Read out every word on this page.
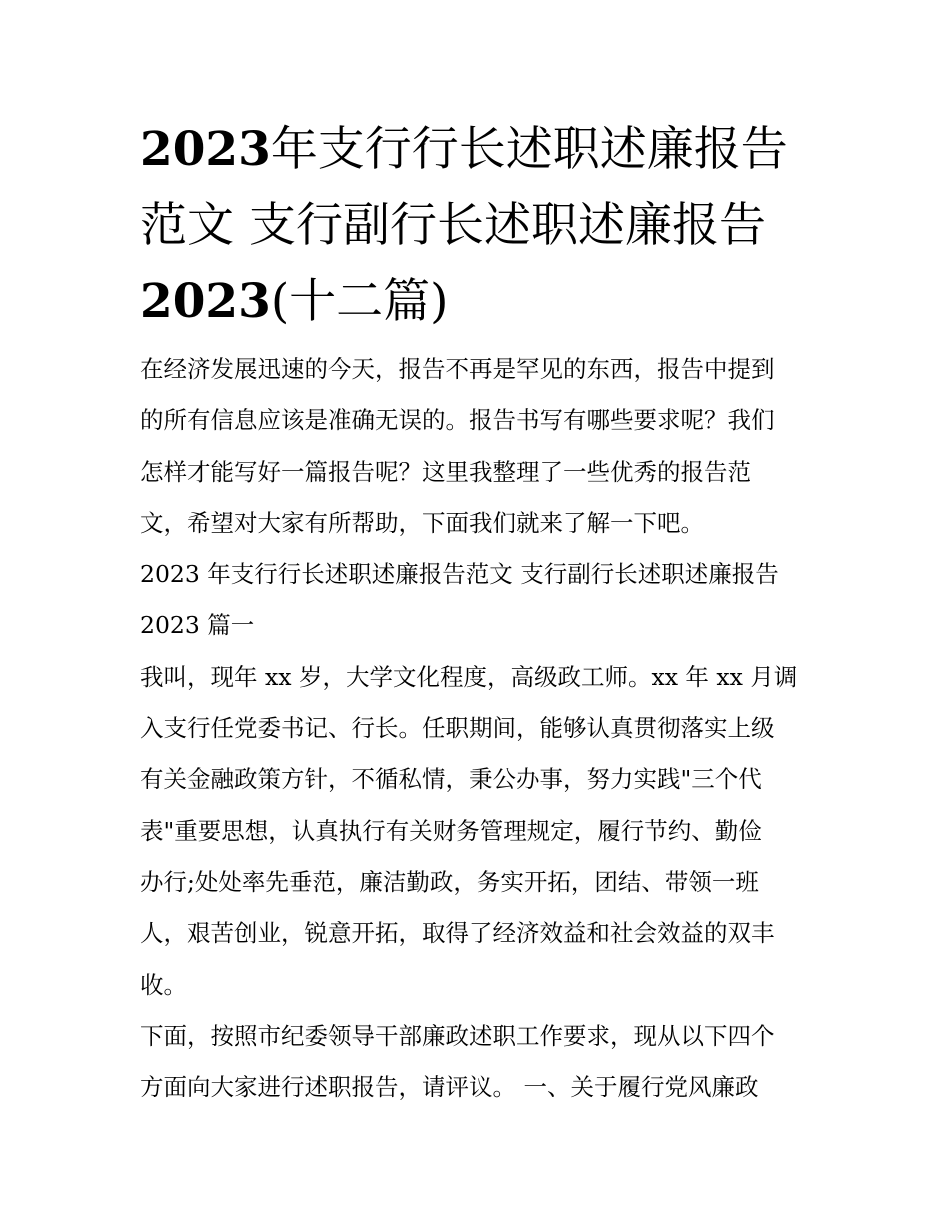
2023年支行行长述职述廉报告
范文 支行副行长述职述廉报告
2023(十二篇)
在经济发展迅速的今天，报告不再是罕见的东西，报告中提到
的所有信息应该是准确无误的。报告书写有哪些要求呢？我们
怎样才能写好一篇报告呢？这里我整理了一些优秀的报告范
文，希望对大家有所帮助，下面我们就来了解一下吧。
2023 年支行行长述职述廉报告范文 支行副行长述职述廉报告
2023 篇一
我叫，现年 xx 岁，大学文化程度，高级政工师。xx 年 xx 月调
入支行任党委书记、行长。任职期间，能够认真贯彻落实上级
有关金融政策方针，不循私情，秉公办事，努力实践"三个代
表"重要思想，认真执行有关财务管理规定，履行节约、勤俭
办行;处处率先垂范，廉洁勤政，务实开拓，团结、带领一班
人，艰苦创业，锐意开拓，取得了经济效益和社会效益的双丰
收。
下面，按照市纪委领导干部廉政述职工作要求，现从以下四个
方面向大家进行述职报告，请评议。 一、关于履行党风廉政
